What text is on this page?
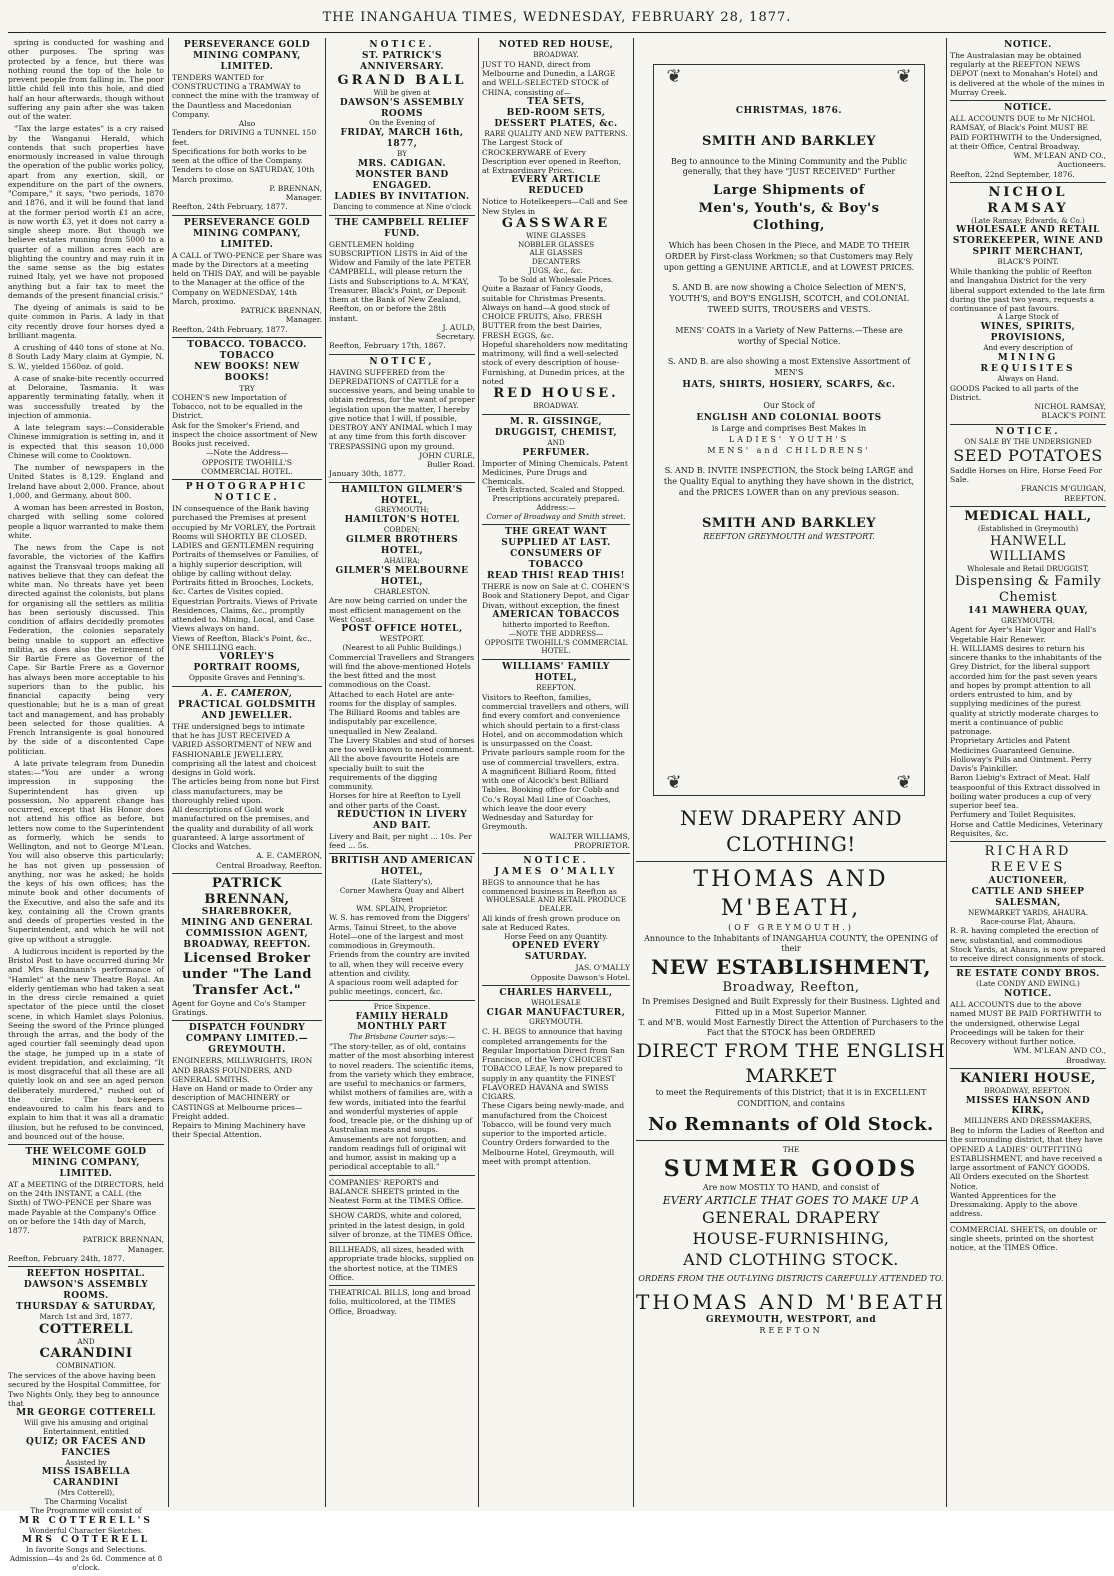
THE INANGAHUA TIMES, WEDNESDAY, FEBRUARY 28, 1877.

spring is conducted for washing and other purposes. The spring was protected by a fence, but there was nothing round the top of the hole to prevent people from falling in. The poor little child fell into this hole, and died half an hour afterwards, though without suffering any pain after she was taken out of the water.

"Tax the large estates" is a cry raised by the Wanganui Herald, which contends that such properties have enormously increased in value through the operation of the public works policy, apart from any exertion, skill, or expenditure on the part of the owners. "Compare," it says, "two periods, 1870 and 1876, and it will be found that land at the former period worth £1 an acre, is now worth £3, yet it does not carry a single sheep more. But though we believe estates running from 5000 to a quarter of a million acres each are blighting the country and may ruin it in the same sense as the big estates ruined Italy, yet we have not proposed anything but a fair tax to meet the demands of the present financial crisis."

The dyeing of animals is said to be quite common in Paris. A lady in that city recently drove four horses dyed a brilliant magenta.

A crushing of 440 tons of stone at No. 8 South Lady Mary claim at Gympie, N. S. W., yielded 1560oz. of gold.

A case of snake-bite recently occurred at Deloraine, Tasmania. It was apparently terminating fatally, when it was successfully treated by the injection of ammonia.

A late telegram says:—Considerable Chinese immigration is setting in, and it is expected that this season 10,000 Chinese will come to Cooktown.

The number of newspapers in the United States is 8,129. England and Ireland have about 2,000. France, about 1,000, and Germany, about 800.

A woman has been arrested in Boston, charged with selling some colored people a liquor warranted to make them white.

The news from the Cape is not favorable, the victories of the Kaffirs against the Transvaal troops making all natives believe that they can defeat the white man. No threats have yet been directed against the colonists, but plans for organising all the settlers as militia has been seriously discussed. This condition of affairs decidedly promotes Federation, the colonies separately being unable to support an effective militia, as does also the retirement of Sir Bartle Frere as Governor of the Cape. Sir Bartle Frere as a Governor has always been more acceptable to his superiors than to the public, his financial capacity being very questionable; but he is a man of great tact and management, and has probably been selected for those qualities. A French Intransigente is goal honoured by the side of a discontented Cape politician.

A late private telegram from Dunedin states:—"You are under a wrong impression in supposing the Superintendent has given up possession. No apparent change has occurred, except that His Honor does not attend his office as before, but letters now come to the Superintendent as formerly, which he sends to Wellington, and not to George M'Lean. You will also observe this particularly; he has not given up possession of anything, nor was he asked; he holds the keys of his own offices; has the minute book and other documents of the Executive, and also the safe and its key, containing all the Crown grants and deeds of properties vested in the Superintendent, and which he will not give up without a struggle.

A ludicrous incident is reported by the Bristol Post to have occurred during Mr and Mrs Bandmann's performance of "Hamlet" at the new Theatre Royal. An elderly gentleman who had taken a seat in the dress circle remained a quiet spectator of the piece until the closet scene, in which Hamlet slays Polonius. Seeing the sword of the Prince plunged through the arras, and the body of the aged courtier fall seemingly dead upon the stage, he jumped up in a state of evident trepidation, and exclaiming, "It is most disgraceful that all these are all quietly look on and see an aged person deliberately murdered," rushed out of the circle. The box-keepers endeavoured to calm his fears and to explain to him that it was all a dramatic illusion, but he refused to be convinced, and bounced out of the house.

THE WELCOME GOLD MINING COMPANY, LIMITED.
AT a MEETING of the DIRECTORS, held on the 24th INSTANT, a CALL (the Sixth) of TWO-PENCE per Share was made Payable at the Company's Office on or before the 14th day of March, 1877.
PATRICK BRENNAN,
Manager.
Reefton, February 24th, 1877.
REEFTON HOSPITAL.
DAWSON'S ASSEMBLY ROOMS.
THURSDAY & SATURDAY,
March 1st and 3rd, 1877.
COTTERELL
AND
CARANDINI
COMBINATION.
The services of the above having been secured by the Hospital Committee, for Two Nights Only, they beg to announce that
MR GEORGE COTTERELL
Will give his amusing and original Entertainment, entitled
QUIZ; OR FACES AND FANCIES
Assisted by
MISS ISABELLA CARANDINI
(Mrs Cotterell),
The Charming Vocalist
The Programme will consist of
MR COTTERELL'S
Wonderful Character Sketches.
MRS COTTERELL
In favorite Songs and Selections.
Admission—4s and 2s 6d. Commence at 8 o'clock.
PERSEVERANCE GOLD MINING COMPANY, LIMITED.
TENDERS WANTED for CONSTRUCTING a TRAMWAY to connect the mine with the tramway of the Dauntless and Macedonian Company.
Also
Tenders for DRIVING a TUNNEL 150 feet.
Specifications for both works to be seen at the office of the Company.
Tenders to close on SATURDAY, 10th March proximo.
P. BRENNAN,
Manager.
Reefton, 24th February, 1877.
PERSEVERANCE GOLD MINING COMPANY, LIMITED.
A CALL of TWO-PENCE per Share was made by the Directors at a meeting held on THIS DAY, and will be payable to the Manager at the office of the Company on WEDNESDAY, 14th March, proximo.
PATRICK BRENNAN,
Manager.
Reefton, 24th February, 1877.
TOBACCO. TOBACCO. TOBACCO
NEW BOOKS! NEW BOOKS!
TRY
COHEN'S new Importation of Tobacco, not to be equalled in the District.
Ask for the Smoker's Friend, and inspect the choice assortment of New Books just received.
—Note the Address—
OPPOSITE TWOHILL'S COMMERCIAL HOTEL.
PHOTOGRAPHIC
NOTICE.
IN consequence of the Bank having purchased the Premises at present occupied by Mr VORLEY, the Portrait Rooms will SHORTLY BE CLOSED.
LADIES and GENTLEMEN requiring Portraits of themselves or Families, of a highly superior description, will oblige by calling without delay.
Portraits fitted in Brooches, Lockets, &c. Cartes de Visites copied. Equestrian Portraits. Views of Private Residences, Claims, &c., promptly attended to. Mining, Local, and Case Views always on hand.
Views of Reefton, Black's Point, &c., ONE SHILLING each.
VORLEY'S
PORTRAIT ROOMS,
Opposite Graves and Fenning's.
A. E. CAMERON,
PRACTICAL GOLDSMITH AND JEWELLER.
THE undersigned begs to intimate that he has JUST RECEIVED A VARIED ASSORTMENT of NEW and FASHIONABLE JEWELLERY, comprising all the latest and choicest designs in Gold work.
The articles being from none but First class manufacturers, may be thoroughly relied upon.
All descriptions of Gold work manufactured on the premises, and the quality and durability of all work guaranteed. A large assortment of Clocks and Watches.
A. E. CAMERON,
Central Broadway, Reefton.
PATRICK BRENNAN,
SHAREBROKER,
MINING AND GENERAL COMMISSION AGENT,
BROADWAY, REEFTON.
Licensed Broker under "The Land Transfer Act."
Agent for Goyne and Co's Stamper Gratings.
DISPATCH FOUNDRY COMPANY LIMITED.—GREYMOUTH.
ENGINEERS, MILLWRIGHTS, IRON AND BRASS FOUNDERS, AND GENERAL SMITHS.
Have on Hand or made to Order any description of MACHINERY or CASTINGS at Melbourne prices—Freight added.
Repairs to Mining Machinery have their Special Attention.
NOTICE.
ST. PATRICK'S ANNIVERSARY.
GRAND BALL
Will be given at
DAWSON'S ASSEMBLY ROOMS
On the Evening of
FRIDAY, MARCH 16th, 1877,
BY
MRS. CADIGAN.
MONSTER BAND ENGAGED.
LADIES BY INVITATION.
Dancing to commence at Nine o'clock
THE CAMPBELL RELIEF
FUND.
GENTLEMEN holding SUBSCRIPTION LISTS in Aid of the Widow and Family of the late PETER CAMPBELL, will please return the Lists and Subscriptions to A. M'KAY, Treasurer, Black's Point, or Deposit them at the Bank of New Zealand, Reefton, on or before the 28th instant.
J. AULD,
Secretary.
Reefton, February 17th, 1867.
NOTICE,
HAVING SUFFERED from the DEPREDATIONS of CATTLE for a successive years, and being unable to obtain redress, for the want of proper legislation upon the matter, I hereby give notice that I will, if possible, DESTROY ANY ANIMAL which I may at any time from this forth discover TRESPASSING upon my ground.
JOHN CURLE,
Buller Road.
January 30th, 1877.
HAMILTON GILMER'S HOTEL,
GREYMOUTH;
HAMILTON'S HOTEL
COBDEN;
GILMER BROTHERS HOTEL,
AHAURA;
GILMER'S MELBOURNE HOTEL,
CHARLESTON.
Are now being carried on under the most efficient management on the West Coast.
POST OFFICE HOTEL,
WESTPORT.
(Nearest to all Public Buildings.)
Commercial Travellers and Strangers will find the above-mentioned Hotels the best fitted and the most commodious on the Coast.
Attached to each Hotel are ante-rooms for the display of samples.
The Billiard Rooms and tables are indisputably par excellence, unequalled in New Zealand.
The Livery Stables and stud of horses are too well-known to need comment. All the above favourite Hotels are specially built to suit the requirements of the digging community.
Horses for hire at Reefton to Lyell and other parts of the Coast.
REDUCTION IN LIVERY AND BAIT.
Livery and Bait, per night ... 10s. Per feed ... 5s.
BRITISH AND AMERICAN HOTEL,
(Late Slattery's),
Corner Mawhera Quay and Albert Street
WM. SPLAIN, Proprietor.
W. S. has removed from the Diggers' Arms, Tainui Street, to the above Hotel—one of the largest and most commodious in Greymouth.
Friends from the country are invited to all, when they will receive every attention and civility.
A spacious room well adapted for public meetings, concert, &c.
Price Sixpence.
FAMILY HERALD MONTHLY PART
The Brisbane Courier says:—
"The story-teller, as of old, contains matter of the most absorbing interest to novel readers. The scientific items, from the variety which they embrace, are useful to mechanics or farmers, whilst mothers of families are, with a few words, initiated into the fearful and wonderful mysteries of apple food, treacle pie, or the dishing up of Australian meats and soups. Amusements are not forgotten, and random readings full of original wit and humor, assist in making up a periodical acceptable to all."
COMPANIES' REPORTS and BALANCE SHEETS printed in the Neatest Form at the TIMES Office.
SHOW CARDS, white and colored, printed in the latest design, in gold silver of bronze, at the TIMES Office.
BILLHEADS, all sizes, headed with appropriate trade blocks, supplied on the shortest notice, at the TIMES Office.
THEATRICAL BILLS, long and broad folio, multicolored, at the TIMES Office, Broadway.
NOTED RED HOUSE,
BROADWAY.
JUST TO HAND, direct from Melbourne and Dunedin, a LARGE and WELL-SELECTED STOCK of CHINA, consisting of—
TEA SETS,
BED-ROOM SETS,
DESSERT PLATES, &c.
RARE QUALITY AND NEW PATTERNS.
The Largest Stock of CROCKERYWARE of Every Description ever opened in Reefton, at Extraordinary Prices.
EVERY ARTICLE REDUCED
Notice to Hotelkeepers—Call and See New Styles in
GASSWARE
WINE GLASSES
NOBBLER GLASSES
ALE GLASSES
DECANTERS
JUGS, &c., &c.
To be Sold at Wholesale Prices.
Quite a Bazaar of Fancy Goods, suitable for Christmas Presents.
Always on hand—A good stock of CHOICE FRUITS, Also, FRESH BUTTER from the best Dairies, FRESH EGGS, &c.
Hopeful shareholders now meditating matrimony, will find a well-selected stock of every description of house-Furnishing, at Dunedin prices, at the noted
RED HOUSE.
BROADWAY.
M. R. GISSINGE,
DRUGGIST, CHEMIST,
AND
PERFUMER.
Importer of Mining Chemicals. Patent Medicines, Pure Drugs and Chemicals.
Teeth Extracted, Scaled and Stopped.
Prescriptions accurately prepared.
Address:—
Corner of Broadway and Smith street.
THE GREAT WANT SUPPLIED AT LAST.
CONSUMERS OF TOBACCO
READ THIS! READ THIS!
THERE is now on Sale at C. COHEN'S Book and Stationery Depot, and Cigar Divan, without exception, the finest
AMERICAN TOBACCOS
hitherto imported to Reefton.
—NOTE THE ADDRESS—
OPPOSITE TWOHILL'S COMMERCIAL HOTEL.
WILLIAMS' FAMILY HOTEL,
REEFTON.
Visitors to Reefton, families, commercial travellers and others, will find every comfort and convenience which should pertain to a first-class Hotel, and on accommodation which is unsurpassed on the Coast.
Private parlours sample room for the use of commercial travellers, extra.
A magnificent Billiard Room, fitted with one of Alcock's best Billiard Tables. Booking office for Cobb and Co.'s Royal Mail Line of Coaches, which leave the door every Wednesday and Saturday for Greymouth.
WALTER WILLIAMS,
PROPRIETOR.
NOTICE.
JAMES O'MALLY
BEGS to announce that he has commenced business in Reefton as
WHOLESALE AND RETAIL PRODUCE DEALER.
All kinds of fresh grown produce on sale at Reduced Rates.
Horse Feed on any Quantity.
OPENED EVERY SATURDAY.
JAS. O'MALLY
Opposite Dawson's Hotel.
CHARLES HARVELL,
WHOLESALE
CIGAR MANUFACTURER,
GREYMOUTH.
C. H. BEGS to announce that having completed arrangements for the Regular Importation Direct from San Francisco, of the Very CHOICEST TOBACCO LEAF, Is now prepared to supply in any quantity the FINEST FLAVORED HAVANA and SWISS CIGARS.
These Cigars being newly-made, and manufactured from the Choicest Tobacco, will be found very much superior to the imported article.
Country Orders forwarded to the Melbourne Hotel, Greymouth, will meet with prompt attention.
❦	❦
❦	❦
CHRISTMAS, 1876.
SMITH AND BARKLEY
Beg to announce to the Mining Community and the Public generally, that they have "JUST RECEIVED" Further
Large Shipments of
Men's, Youth's, & Boy's Clothing,
Which has been Chosen in the Piece, and MADE TO THEIR ORDER by First-class Workmen; so that Customers may Rely upon getting a GENUINE ARTICLE, and at LOWEST PRICES.
S. AND B. are now showing a Choice Selection of MEN'S, YOUTH'S, and BOY'S ENGLISH, SCOTCH, and COLONIAL TWEED SUITS, TROUSERS and VESTS.
MENS' COATS in a Variety of New Patterns.—These are worthy of Special Notice.
S. AND B. are also showing a most Extensive Assortment of MEN'S
HATS, SHIRTS, HOSIERY, SCARFS, &c.
Our Stock of
ENGLISH AND COLONIAL BOOTS
is Large and comprises Best Makes in
LADIES' YOUTH'S
MENS' and CHILDRENS'
S. AND B. INVITE INSPECTION, the Stock being LARGE and the Quality Equal to anything they have shown in the district, and the PRICES LOWER than on any previous season.
SMITH AND BARKLEY
REEFTON GREYMOUTH and WESTPORT.
NEW DRAPERY AND CLOTHING!
THOMAS AND M'BEATH,
(OF GREYMOUTH.)
Announce to the Inhabitants of INANGAHUA COUNTY, the OPENING of their
NEW ESTABLISHMENT,
Broadway, Reefton,
In Premises Designed and Built Expressly for their Business. Lighted and Fitted up in a Most Superior Manner.
T. and M'B. would Most Earnestly Direct the Attention of Purchasers to the Fact that the STOCK has been ORDERED
DIRECT FROM THE ENGLISH MARKET
to meet the Requirements of this District; that it is in EXCELLENT CONDITION, and contains
No Remnants of Old Stock.
THE
SUMMER GOODS
Are now MOSTLY TO HAND, and consist of
EVERY ARTICLE THAT GOES TO MAKE UP A
GENERAL DRAPERY
HOUSE-FURNISHING,
AND CLOTHING STOCK.
ORDERS FROM THE OUT-LYING DISTRICTS CAREFULLY ATTENDED TO.
THOMAS AND M'BEATH
GREYMOUTH, WESTPORT, and
REEFTON
NOTICE.
The Australasian may be obtained regularly at the REEFTON NEWS DEPOT (next to Monahan's Hotel) and is delivered at the whole of the mines in Murray Creek.
NOTICE.
ALL ACCOUNTS DUE to Mr NICHOL RAMSAY, of Black's Point MUST BE PAID FORTHWITH to the Undersigned, at their Office, Central Broadway.
WM. M'LEAN AND CO.,
Auctioneers.
Reefton, 22nd September, 1876.
NICHOL RAMSAY
(Late Ramsay, Edwards, & Co.)
WHOLESALE AND RETAIL STOREKEEPER, WINE AND SPIRIT MERCHANT,
BLACK'S POINT.
While thanking the public of Reefton and Inangahua District for the very liberal support extended to the late firm during the past two years, requests a continuance of past favours.
A Large Stock of
WINES, SPIRITS, PROVISIONS,
And every description of
MINING REQUISITES
Always on Hand.
GOODS Packed to all parts of the District.
NICHOL RAMSAY,
BLACK'S POINT.
NOTICE.
ON SALE BY THE UNDERSIGNED
SEED POTATOES
Saddle Horses on Hire. Horse Feed For Sale.
FRANCIS M'GUIGAN,
REEFTON.
MEDICAL HALL,
(Established in Greymouth)
HANWELL WILLIAMS
Wholesale and Retail DRUGGIST,
Dispensing & Family Chemist
141 MAWHERA QUAY,
GREYMOUTH.
Agent for Ayer's Hair Vigor and Hall's Vegetable Hair Renewer.
H. WILLIAMS desires to return his sincere thanks to the inhabitants of the Grey District, for the liberal support accorded him for the past seven years and hopes by prompt attention to all orders entrusted to him, and by supplying medicines of the purest quality at strictly moderate charges to merit a continuance of public patronage.
Proprietary Articles and Patent Medicines Guaranteed Genuine. Holloway's Pills and Ointment. Perry Davis's Painkiller.
Baron Liebig's Extract of Meat. Half teaspoonful of this Extract dissolved in boiling water produces a cup of very superior beef tea.
Perfumery and Toilet Requisites.
Horse and Cattle Medicines, Veterinary Requisites, &c.
RICHARD REEVES
AUCTIONEER,
CATTLE AND SHEEP SALESMAN,
NEWMARKET YARDS, AHAURA.
Race-course Flat, Ahaura.
R. R. having completed the erection of new, substantial, and commodious Stock Yards, at Ahaura, is now prepared to receive direct consignments of stock.
RE ESTATE CONDY BROS.
(Late CONDY AND EWING.)
NOTICE.
ALL ACCOUNTS due to the above named MUST BE PAID FORTHWITH to the undersigned, otherwise Legal Proceedings will be taken for their Recovery without further notice.
WM. M'LEAN AND CO.,
Broadway.
KANIERI HOUSE,
BROADWAY, REEFTON.
MISSES HANSON AND KIRK,
MILLINERS AND DRESSMAKERS,
Beg to inform the Ladies of Reefton and the surrounding district, that they have OPENED A LADIES' OUTFITTING ESTABLISHMENT, and have received a large assortment of FANCY GOODS.
All Orders executed on the Shortest Notice.
Wanted Apprentices for the Dressmaking. Apply to the above address.
COMMERCIAL SHEETS, on double or single sheets, printed on the shortest notice, at the TIMES Office.
